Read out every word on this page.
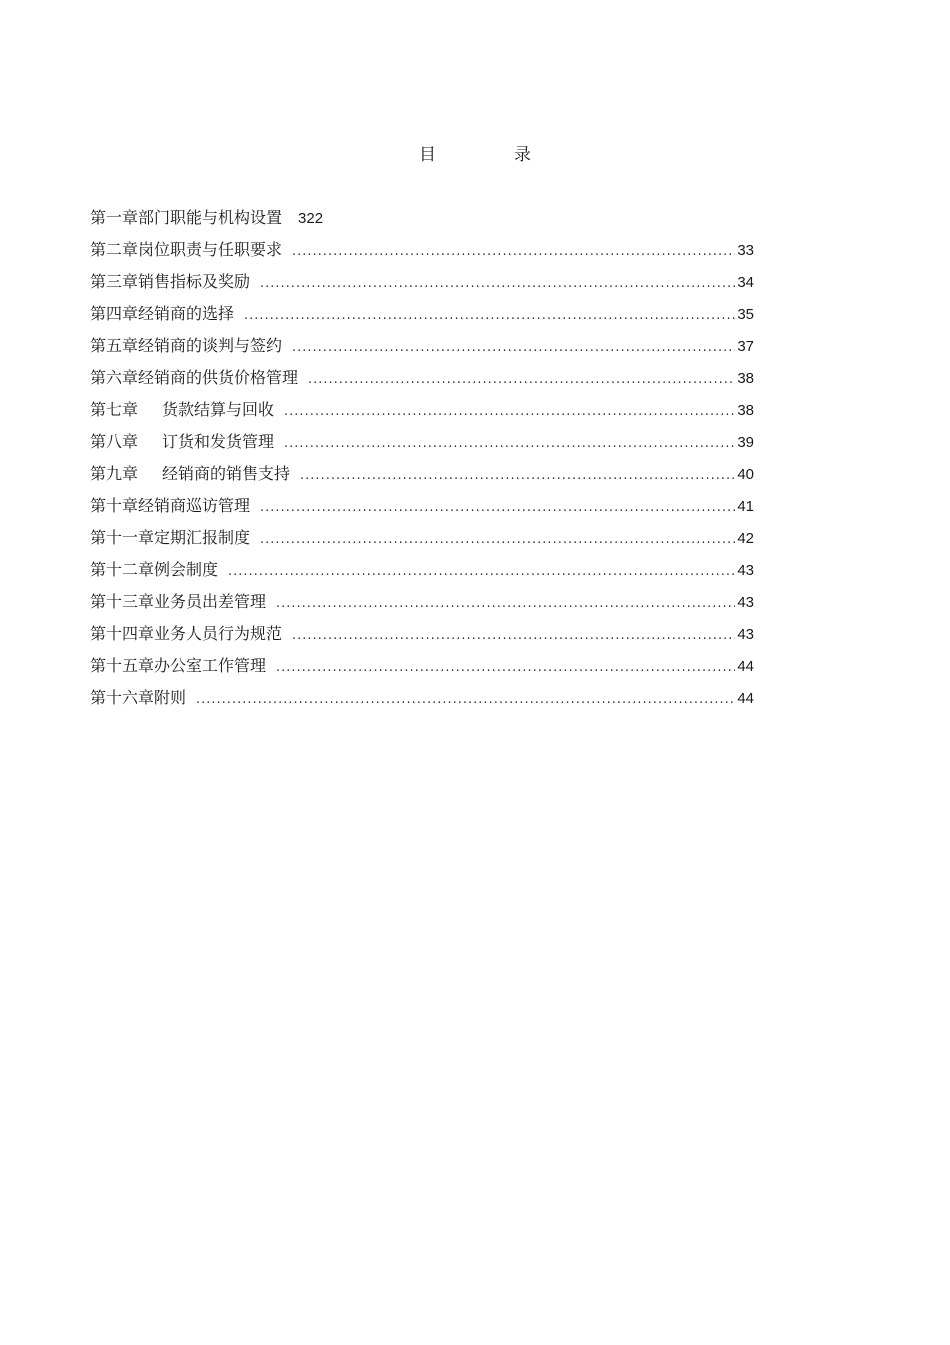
目	录
第一章部门职能与机构设置 322
第二章岗位职责与任职要求 .....	33
第三章销售指标及奖励 .....	34
第四章经销商的选择 .....	35
第五章经销商的谈判与签约 .....	37
第六章经销商的供货价格管理 .....	38
第七章 货款结算与回收 .....	38
第八章 订货和发货管理 .....	39
第九章 经销商的销售支持 .....	40
第十章经销商巡访管理 .....	41
第十一章定期汇报制度 .....	42
第十二章例会制度 .....	43
第十三章业务员出差管理 .....	43
第十四章业务人员行为规范 .....	43
第十五章办公室工作管理 .....	44
第十六章附则 .....	44
